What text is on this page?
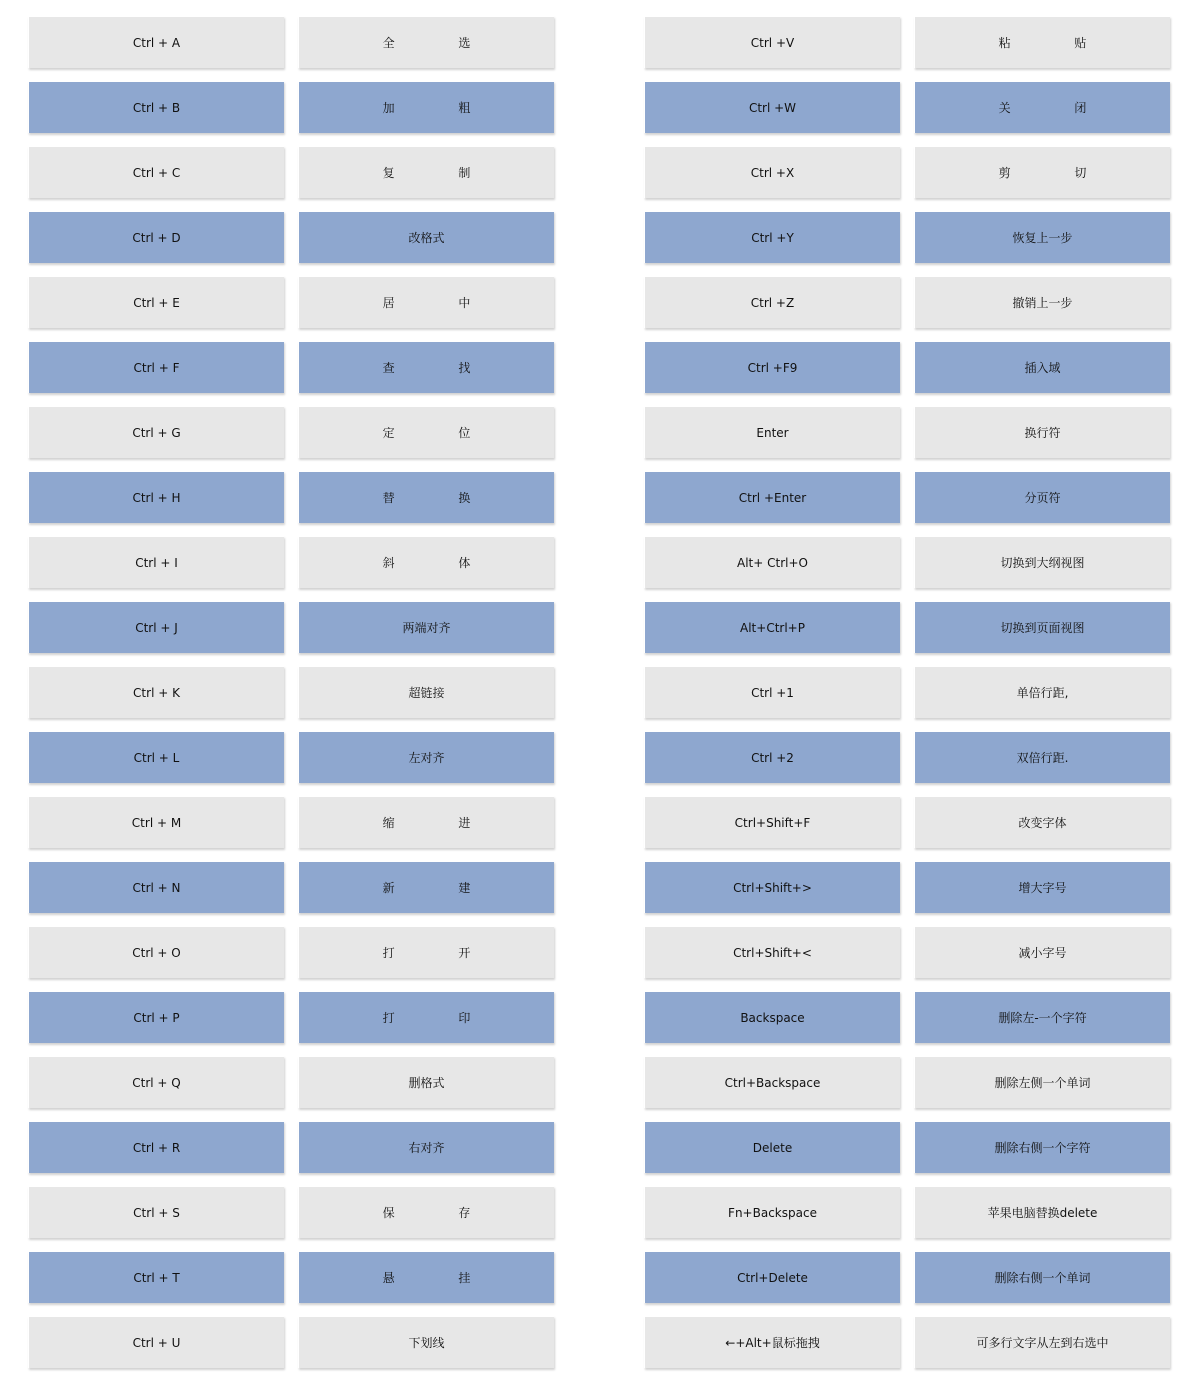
Ctrl + A	全 选
Ctrl + B	加 粗
Ctrl + C	复 制
Ctrl + D	改格式
Ctrl + E	居 中
Ctrl + F	查 找
Ctrl + G	定 位
Ctrl + H	替 换
Ctrl + I	斜 体
Ctrl + J	两端对齐
Ctrl + K	超链接
Ctrl + L	左对齐
Ctrl + M	缩 进
Ctrl + N	新 建
Ctrl + O	打 开
Ctrl + P	打 印
Ctrl + Q	删格式
Ctrl + R	右对齐
Ctrl + S	保 存
Ctrl + T	悬 挂
Ctrl + U	下划线
Ctrl +V	粘 贴
Ctrl +W	关 闭
Ctrl +X	剪 切
Ctrl +Y	恢复上一步
Ctrl +Z	撤销上一步
Ctrl +F9	插入域
Enter	换行符
Ctrl +Enter	分页符
Alt+ Ctrl+O	切换到大纲视图
Alt+Ctrl+P	切换到页面视图
Ctrl +1	单倍行距,
Ctrl +2	双倍行距.
Ctrl+Shift+F	改变字体
Ctrl+Shift+>	增大字号
Ctrl+Shift+<	减小字号
Backspace	删除左-一个字符
Ctrl+Backspace	删除左侧一个单词
Delete	删除右侧一个字符
Fn+Backspace	苹果电脑替换delete
Ctrl+Delete	删除右侧一个单词
←+Alt+鼠标拖拽	可多行文字从左到右选中
